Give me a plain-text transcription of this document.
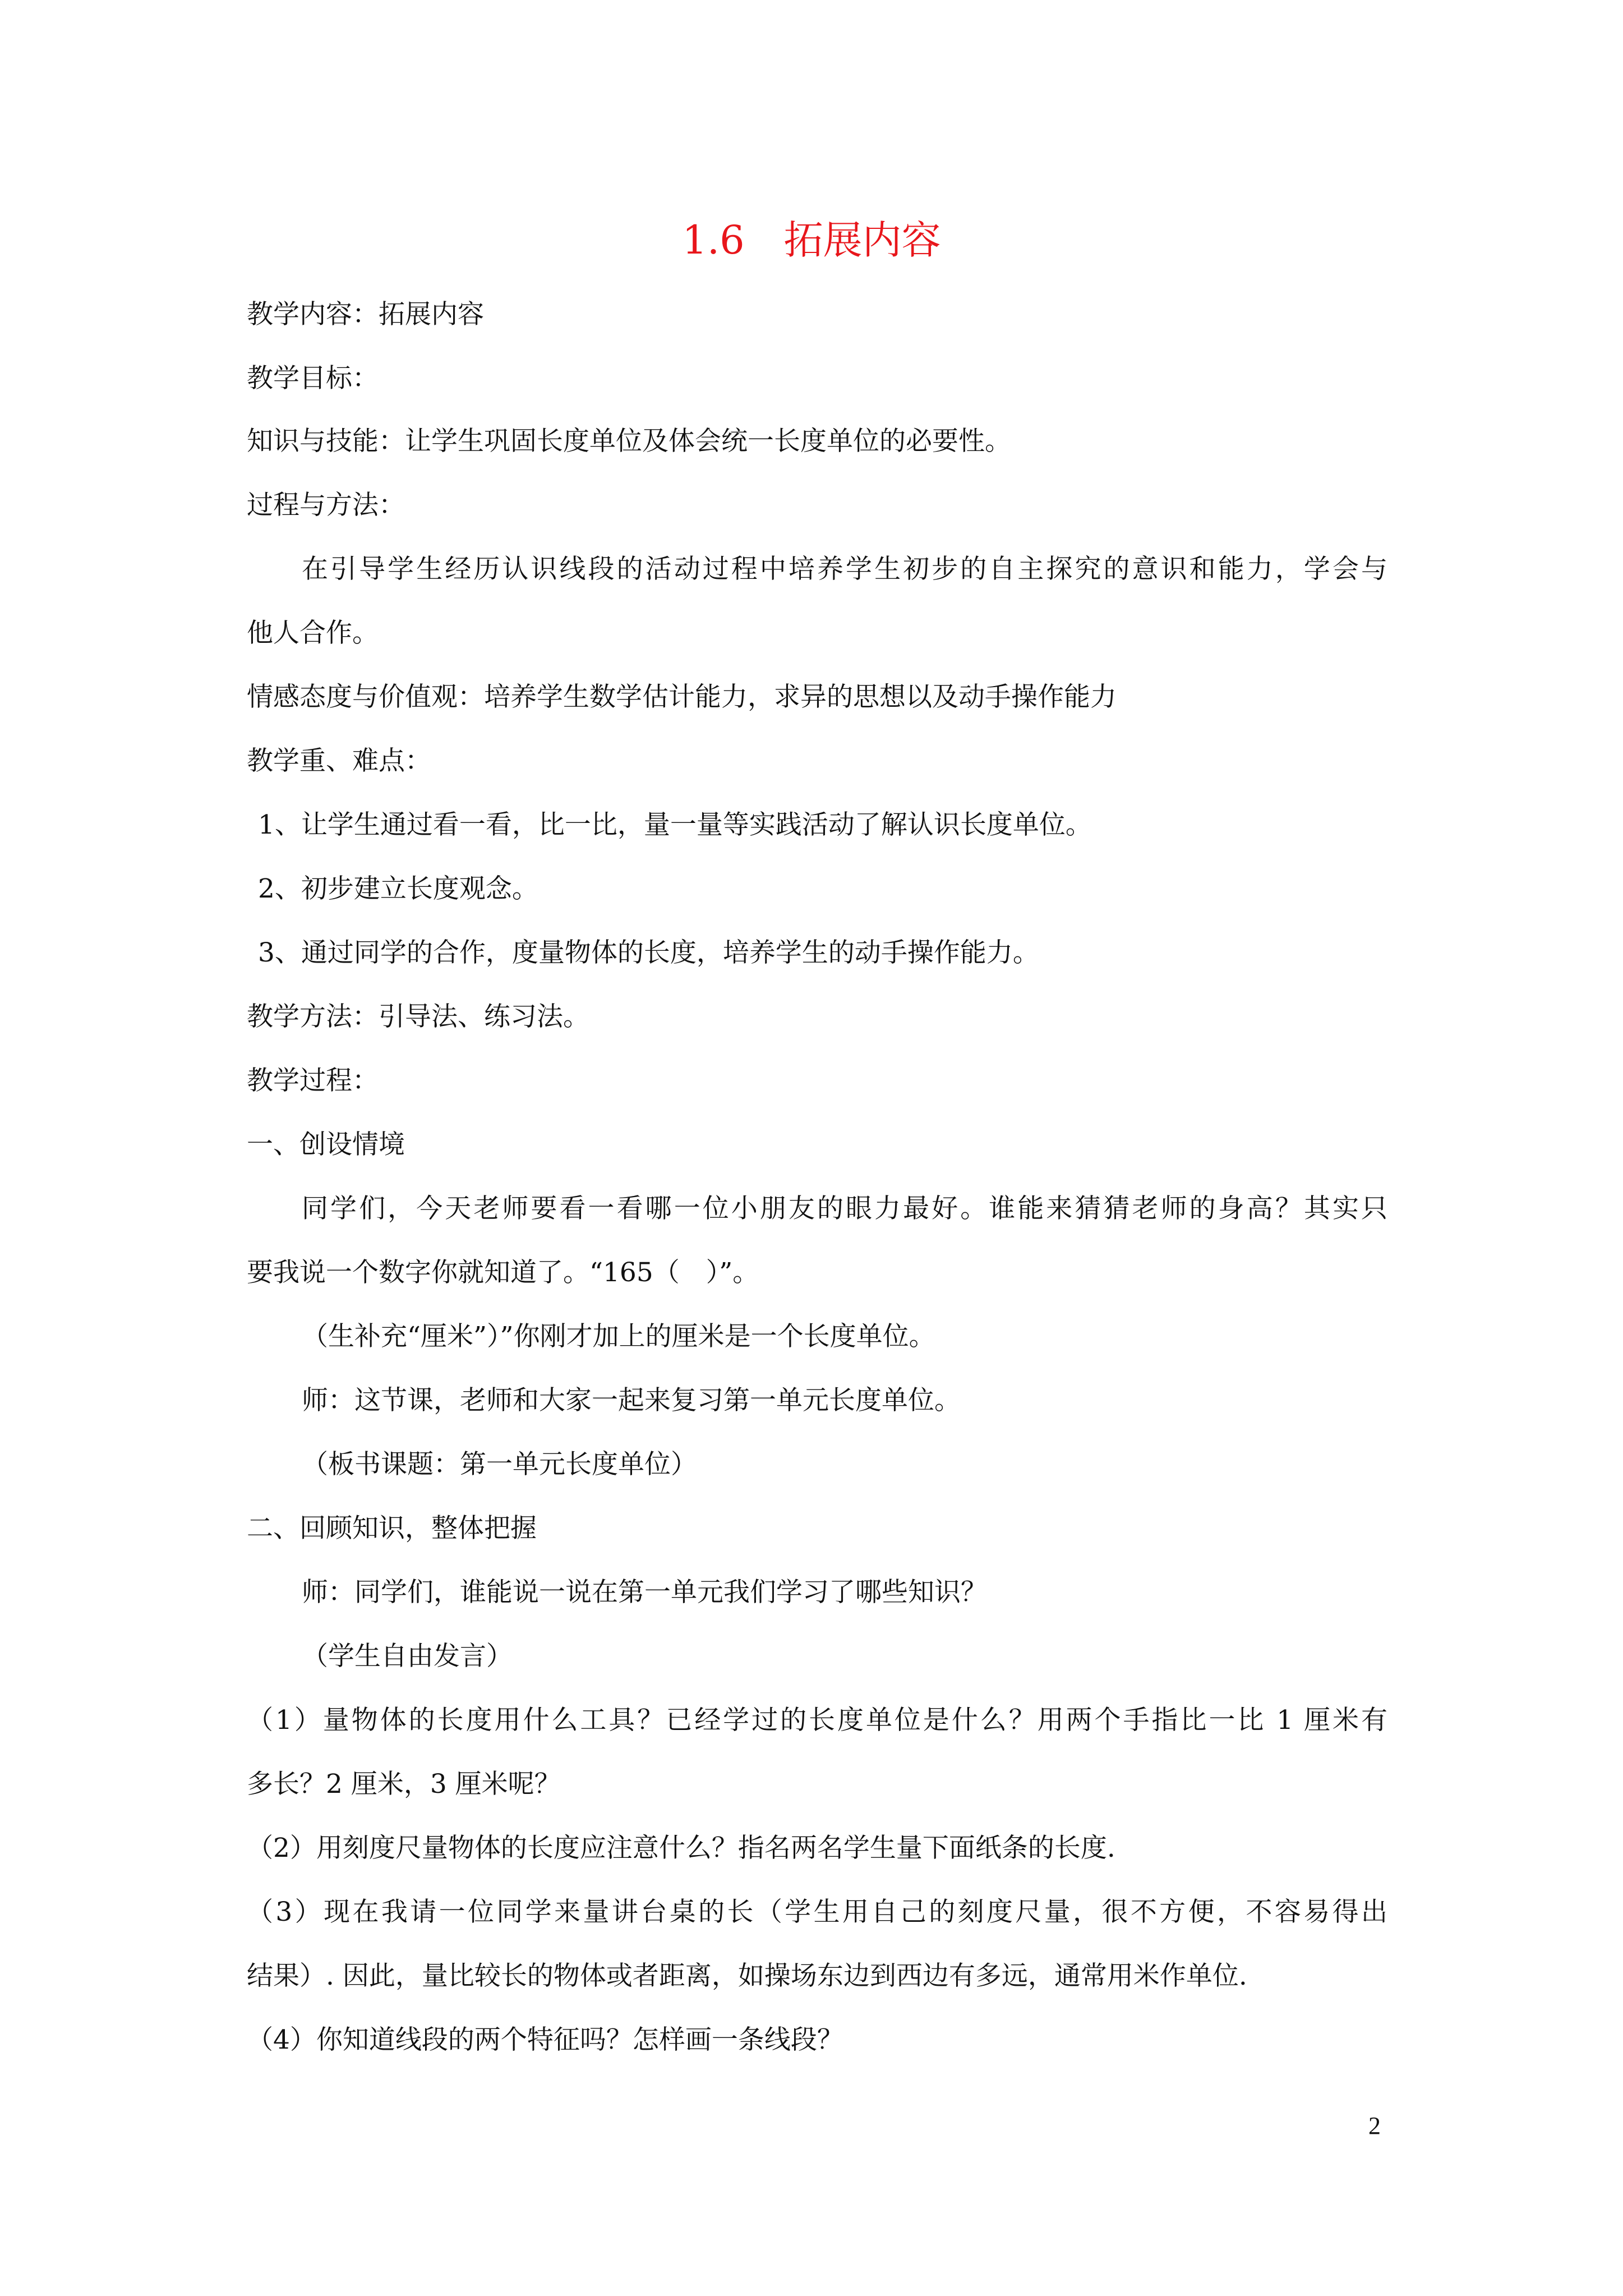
1.6　拓展内容
教学内容：拓展内容
教学目标：
知识与技能：让学生巩固长度单位及体会统一长度单位的必要性。
过程与方法：
在引导学生经历认识线段的活动过程中培养学生初步的自主探究的意识和能力，学会与
他人合作。
情感态度与价值观：培养学生数学估计能力，求异的思想以及动手操作能力
教学重、难点：
1、让学生通过看一看，比一比，量一量等实践活动了解认识长度单位。
2、初步建立长度观念。
3、通过同学的合作，度量物体的长度，培养学生的动手操作能力。
教学方法：引导法、练习法。
教学过程：
一、创设情境
同学们，今天老师要看一看哪一位小朋友的眼力最好。谁能来猜猜老师的身高？其实只
要我说一个数字你就知道了。“165（　）”。
（生补充“厘米”）”你刚才加上的厘米是一个长度单位。
师：这节课，老师和大家一起来复习第一单元长度单位。
（板书课题：第一单元长度单位）
二、回顾知识，整体把握
师：同学们，谁能说一说在第一单元我们学习了哪些知识？
（学生自由发言）
（1）量物体的长度用什么工具？已经学过的长度单位是什么？用两个手指比一比 1 厘米有
多长？2 厘米，3 厘米呢？
（2）用刻度尺量物体的长度应注意什么？指名两名学生量下面纸条的长度.
（3）现在我请一位同学来量讲台桌的长（学生用自己的刻度尺量，很不方便，不容易得出
结果）. 因此，量比较长的物体或者距离，如操场东边到西边有多远，通常用米作单位.
（4）你知道线段的两个特征吗？怎样画一条线段？
2
